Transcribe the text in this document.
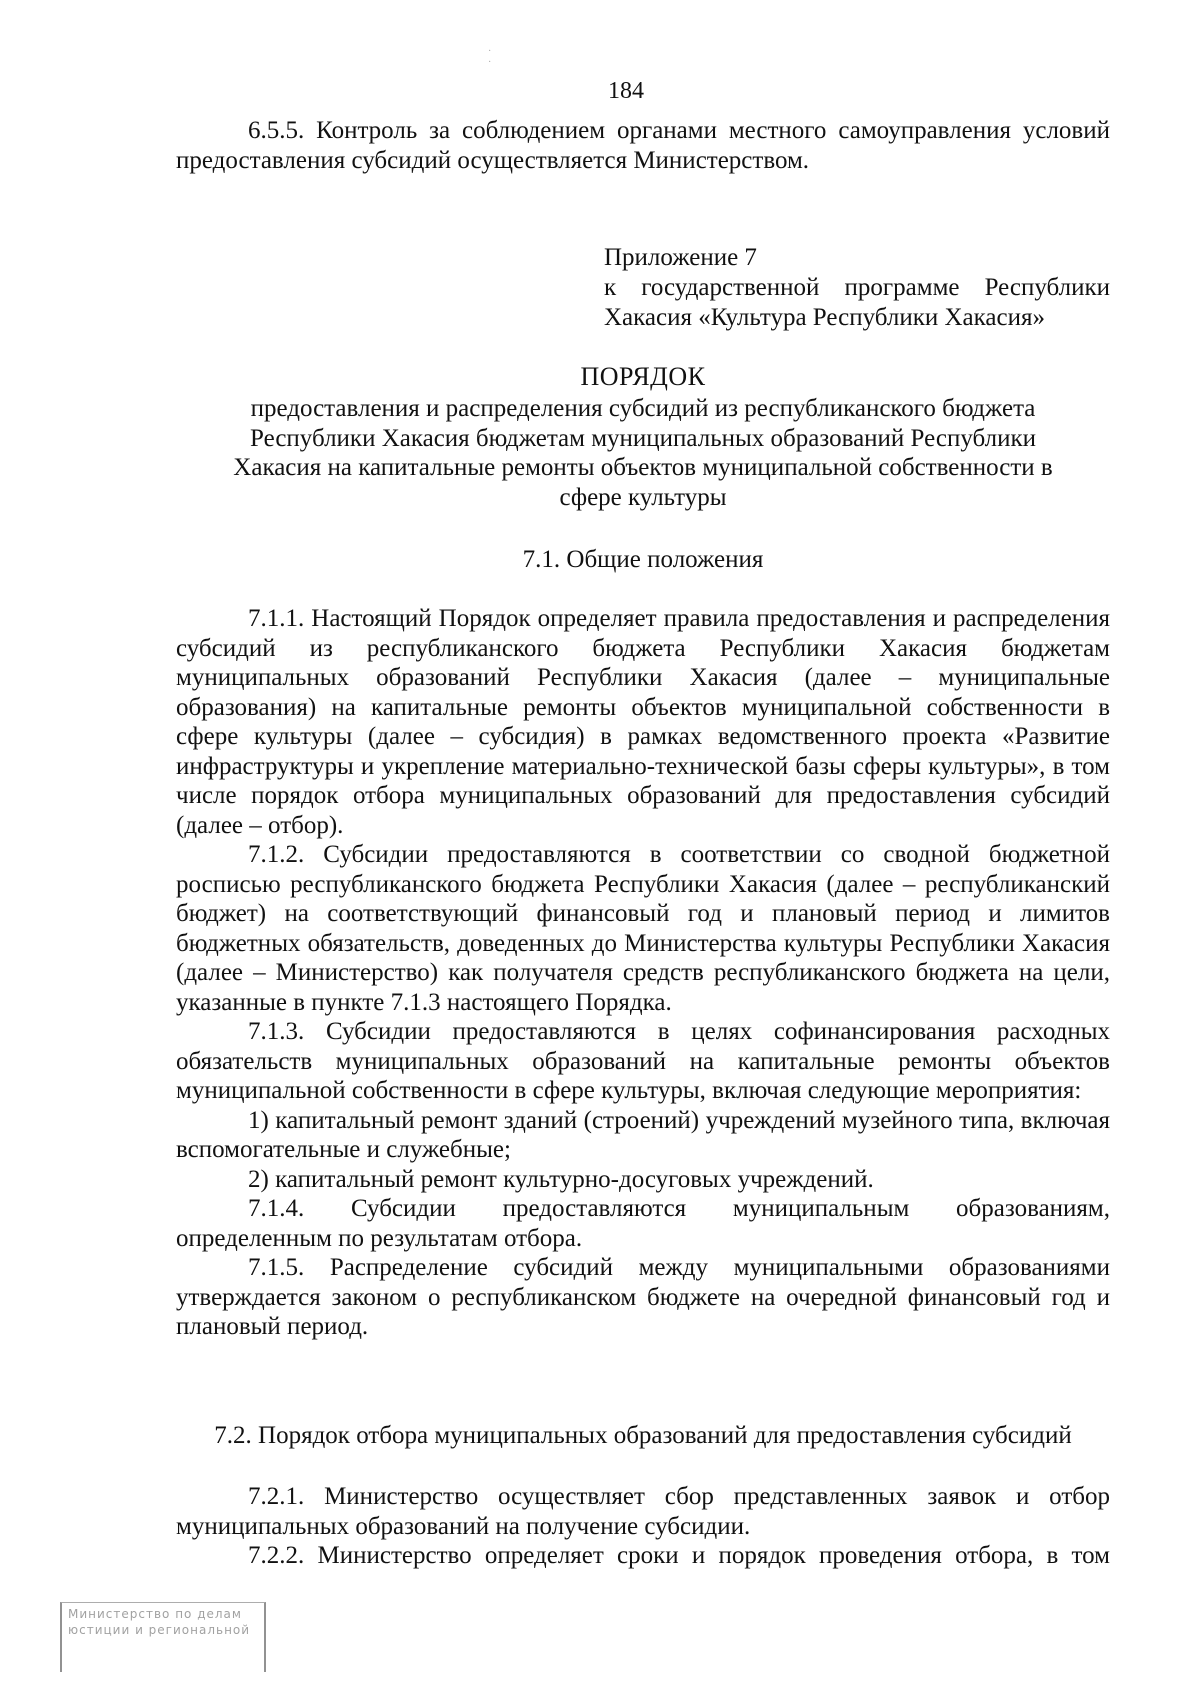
·
·
184

6.5.5. Контроль за соблюдением органами местного самоуправления условий предоставления субсидий осуществляется Министерством.

Приложение 7

к государственной программе Республики Хакасия «Культура Республики Хакасия»

ПОРЯДОК

предоставления и распределения субсидий из республиканского бюджета Республики Хакасия бюджетам муниципальных образований Республики Хакасия на капитальные ремонты объектов муниципальной собственности в сфере культуры

7.1. Общие положения

7.1.1. Настоящий Порядок определяет правила предоставления и распределения субсидий из республиканского бюджета Республики Хакасия бюджетам муниципальных образований Республики Хакасия (далее – муниципальные образования) на капитальные ремонты объектов муниципальной собственности в сфере культуры (далее – субсидия) в рамках ведомственного проекта «Развитие инфраструктуры и укрепление материально-технической базы сферы культуры», в том числе порядок отбора муниципальных образований для предоставления субсидий (далее – отбор).

7.1.2. Субсидии предоставляются в соответствии со сводной бюджетной росписью республиканского бюджета Республики Хакасия (далее – республиканский бюджет) на соответствующий финансовый год и плановый период и лимитов бюджетных обязательств, доведенных до Министерства культуры Республики Хакасия (далее – Министерство) как получателя средств республиканского бюджета на цели, указанные в пункте 7.1.3 настоящего Порядка.

7.1.3. Субсидии предоставляются в целях софинансирования расходных обязательств муниципальных образований на капитальные ремонты объектов муниципальной собственности в сфере культуры, включая следующие мероприятия:

1) капитальный ремонт зданий (строений) учреждений музейного типа, включая вспомогательные и служебные;

2) капитальный ремонт культурно-досуговых учреждений.

7.1.4. Субсидии предоставляются муниципальным образованиям, определенным по результатам отбора.

7.1.5. Распределение субсидий между муниципальными образованиями утверждается законом о республиканском бюджете на очередной финансовый год и плановый период.

7.2. Порядок отбора муниципальных образований для предоставления субсидий

7.2.1. Министерство осуществляет сбор представленных заявок и отбор муниципальных образований на получение субсидии.

7.2.2. Министерство определяет сроки и порядок проведения отбора, в том

Министерство по делам
юстиции и региональной
